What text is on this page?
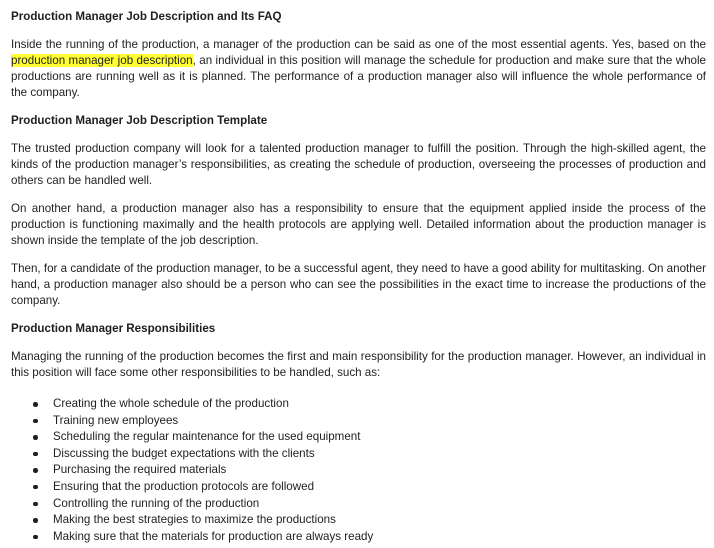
Production Manager Job Description and Its FAQ

Inside the running of the production, a manager of the production can be said as one of the most essential agents. Yes, based on the production manager job description, an individual in this position will manage the schedule for production and make sure that the whole productions are running well as it is planned. The performance of a production manager also will influence the whole performance of the company.

Production Manager Job Description Template

The trusted production company will look for a talented production manager to fulfill the position. Through the high-skilled agent, the kinds of the production manager’s responsibilities, as creating the schedule of production, overseeing the processes of production and others can be handled well.

On another hand, a production manager also has a responsibility to ensure that the equipment applied inside the process of the production is functioning maximally and the health protocols are applying well. Detailed information about the production manager is shown inside the template of the job description.

Then, for a candidate of the production manager, to be a successful agent, they need to have a good ability for multitasking. On another hand, a production manager also should be a person who can see the possibilities in the exact time to increase the productions of the company.

Production Manager Responsibilities

Managing the running of the production becomes the first and main responsibility for the production manager. However, an individual in this position will face some other responsibilities to be handled, such as:

Creating the whole schedule of the production
Training new employees
Scheduling the regular maintenance for the used equipment
Discussing the budget expectations with the clients
Purchasing the required materials
Ensuring that the production protocols are followed
Controlling the running of the production
Making the best strategies to maximize the productions
Making sure that the materials for production are always ready
